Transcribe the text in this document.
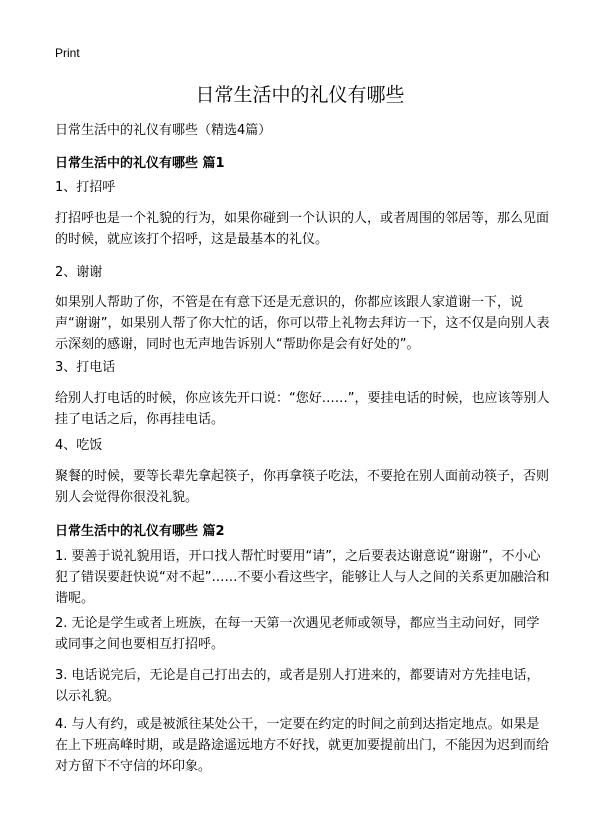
Print
日常生活中的礼仪有哪些

日常生活中的礼仪有哪些（精选4篇）

日常生活中的礼仪有哪些 篇1

1、打招呼

打招呼也是一个礼貌的行为，如果你碰到一个认识的人，或者周围的邻居等，那么见面的时候，就应该打个招呼，这是最基本的礼仪。

2、谢谢

如果别人帮助了你，不管是在有意下还是无意识的，你都应该跟人家道谢一下，说声“谢谢”，如果别人帮了你大忙的话，你可以带上礼物去拜访一下，这不仅是向别人表示深刻的感谢，同时也无声地告诉别人“帮助你是会有好处的”。

3、打电话

给别人打电话的时候，你应该先开口说：“您好……”，要挂电话的时候，也应该等别人挂了电话之后，你再挂电话。

4、吃饭

聚餐的时候，要等长辈先拿起筷子，你再拿筷子吃法，不要抢在别人面前动筷子，否则别人会觉得你很没礼貌。

日常生活中的礼仪有哪些 篇2

1. 要善于说礼貌用语，开口找人帮忙时要用“请”，之后要表达谢意说“谢谢”，不小心犯了错误要赶快说“对不起”……不要小看这些字，能够让人与人之间的关系更加融洽和谐呢。

2. 无论是学生或者上班族，在每一天第一次遇见老师或领导，都应当主动问好，同学或同事之间也要相互打招呼。

3. 电话说完后，无论是自己打出去的，或者是别人打进来的，都要请对方先挂电话，以示礼貌。

4. 与人有约，或是被派往某处公干，一定要在约定的时间之前到达指定地点。如果是在上下班高峰时期，或是路途遥远地方不好找，就更加要提前出门，不能因为迟到而给对方留下不守信的坏印象。
